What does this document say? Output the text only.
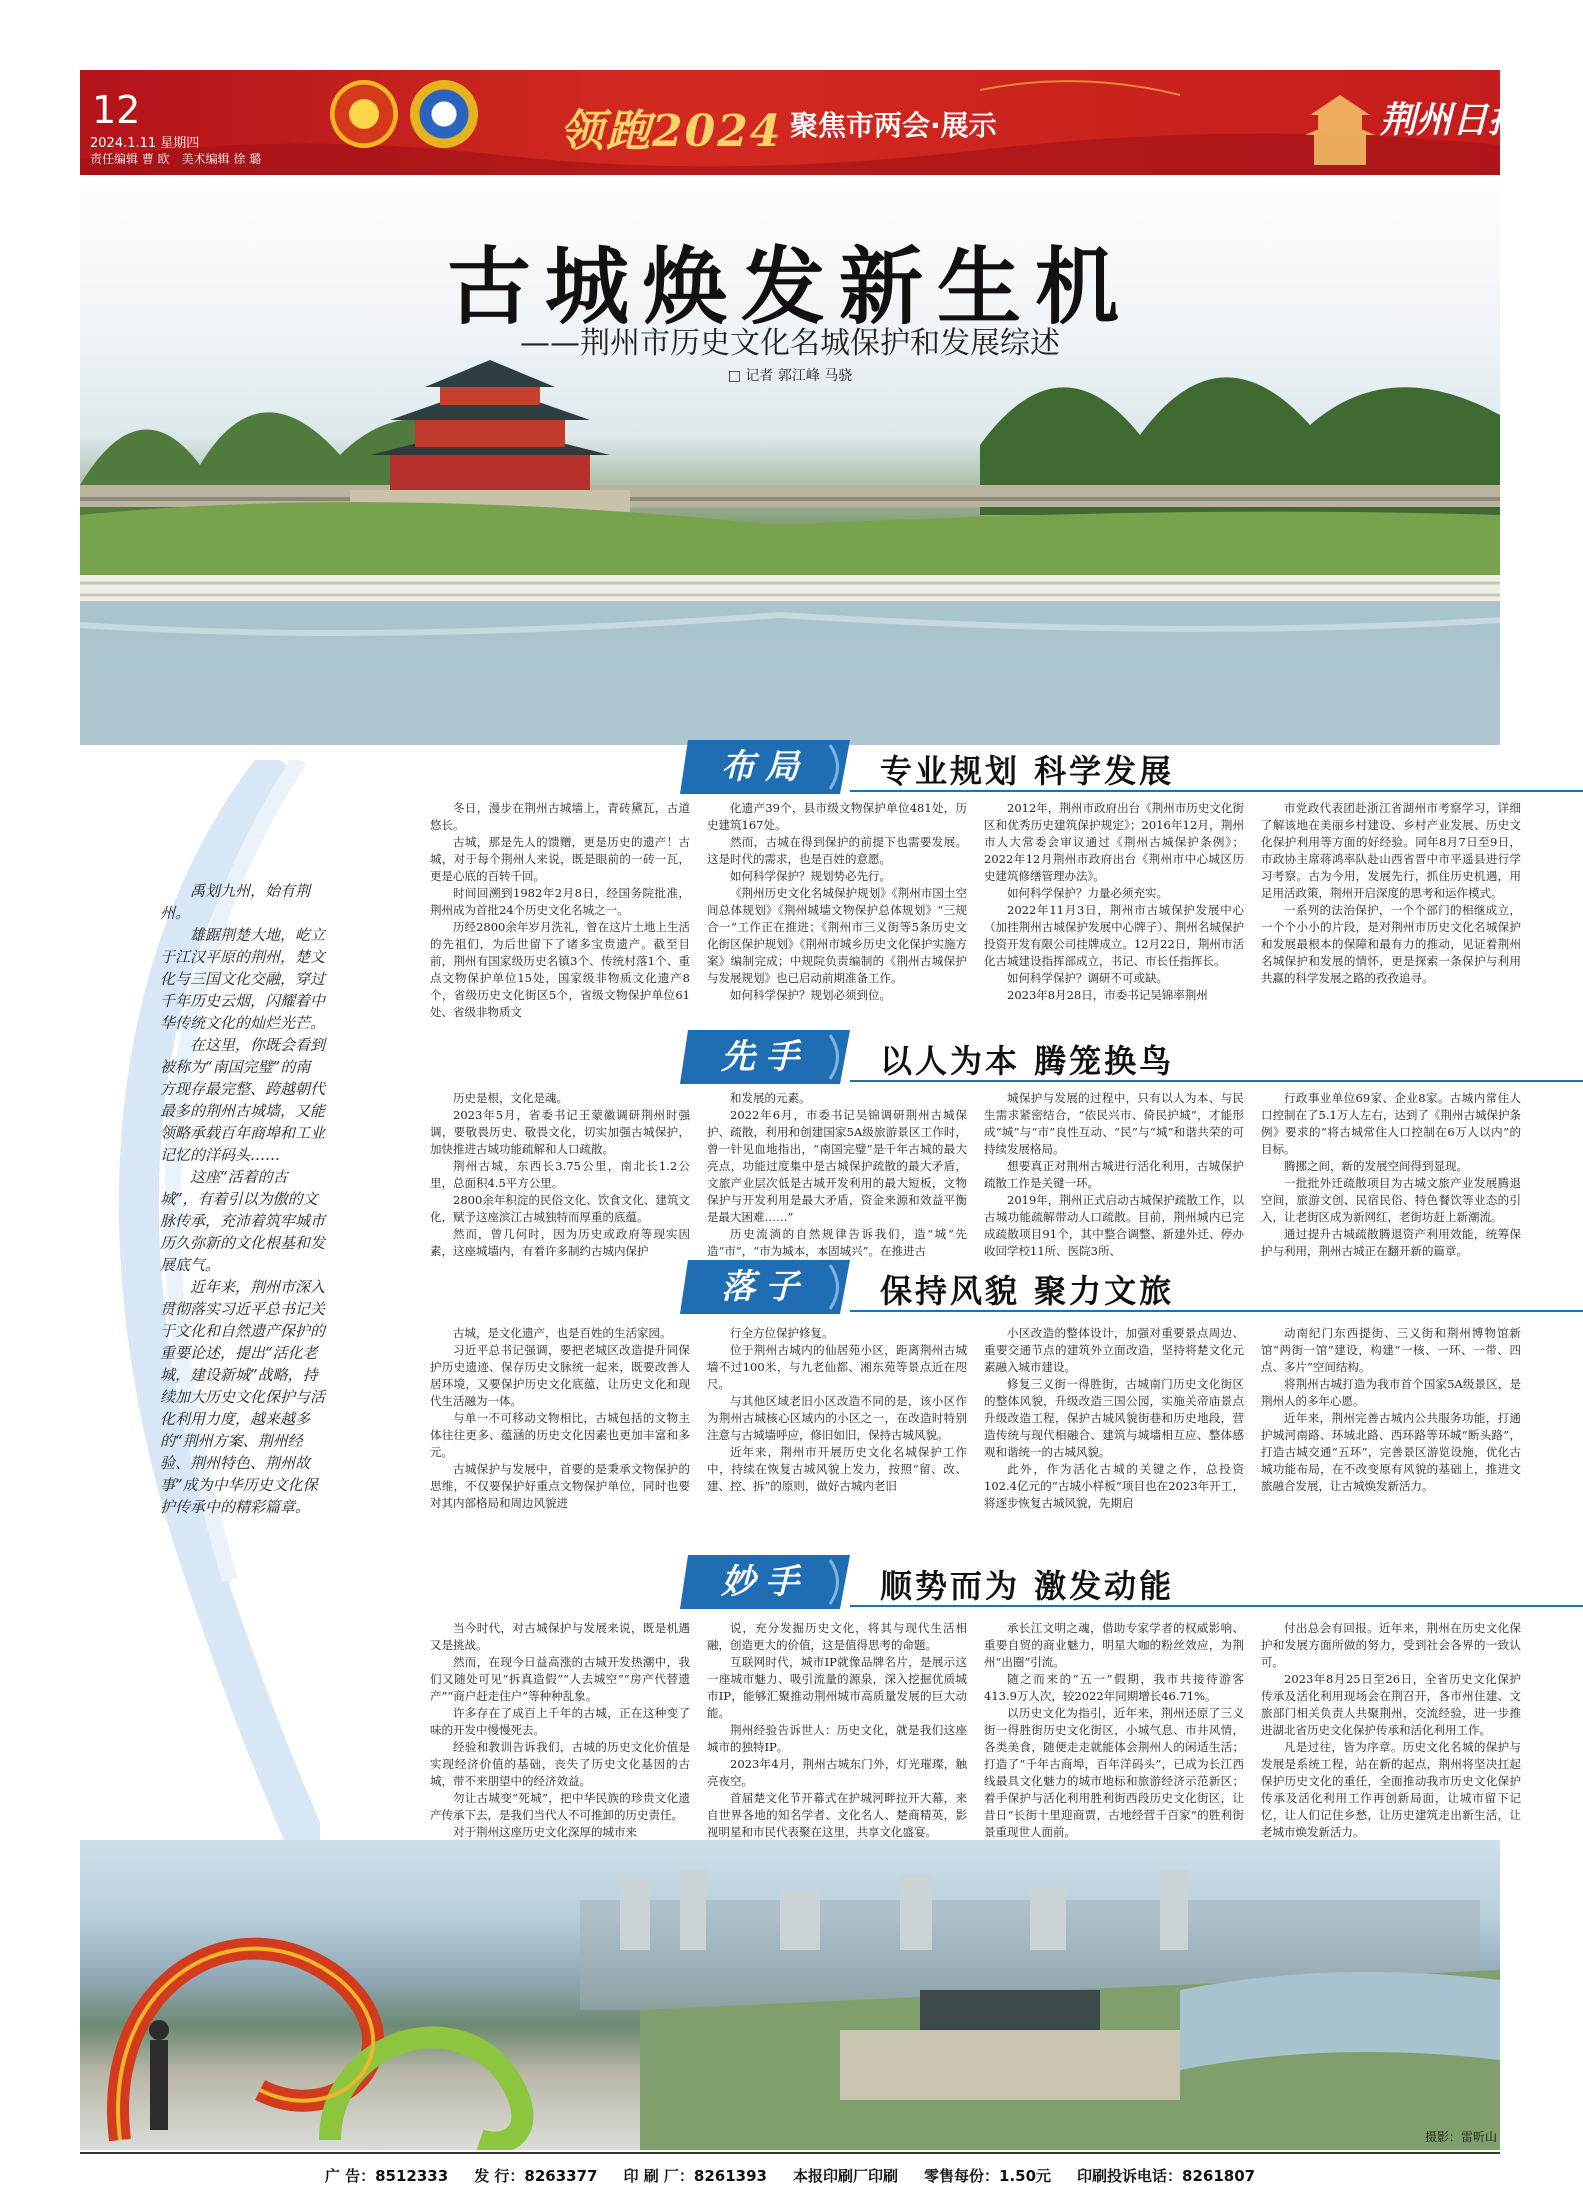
12
2024.1.11 星期四
责任编辑 曹 欧　美术编辑 徐 璐
领跑2024 聚焦市两会·展示	荆州日报
古城焕发新生机
——荆州市历史文化名城保护和发展综述
□ 记者 郭江峰 马骁

禹划九州，始有荆州。

雄踞荆楚大地，屹立于江汉平原的荆州，楚文化与三国文化交融，穿过千年历史云烟，闪耀着中华传统文化的灿烂光芒。

在这里，你既会看到被称为“南国完璧”的南方现存最完整、跨越朝代最多的荆州古城墙，又能领略承载百年商埠和工业记忆的洋码头……

这座“活着的古城”，有着引以为傲的文脉传承，充沛着筑牢城市历久弥新的文化根基和发展底气。

近年来，荆州市深入贯彻落实习近平总书记关于文化和自然遗产保护的重要论述，提出“活化老城，建设新城”战略，持续加大历史文化保护与活化利用力度，越来越多的“荆州方案、荆州经验、荆州特色、荆州故事”成为中华历史文化保护传承中的精彩篇章。

布局	专业规划 科学发展

冬日，漫步在荆州古城墙上，青砖黛瓦，古道悠长。

古城，那是先人的馈赠，更是历史的遗产！古城，对于每个荆州人来说，既是眼前的一砖一瓦，更是心底的百转千回。

时间回溯到1982年2月8日，经国务院批准，荆州成为首批24个历史文化名城之一。

历经2800余年岁月洗礼，曾在这片土地上生活的先祖们，为后世留下了诸多宝贵遗产。截至目前，荆州有国家级历史名镇3个、传统村落1个、重点文物保护单位15处，国家级非物质文化遗产8个，省级历史文化街区5个，省级文物保护单位61处、省级非物质文

化遗产39个，县市级文物保护单位481处，历史建筑167处。

然而，古城在得到保护的前提下也需要发展。这是时代的需求，也是百姓的意愿。

如何科学保护？规划势必先行。

《荆州历史文化名城保护规划》《荆州市国土空间总体规划》《荆州城墙文物保护总体规划》“三规合一”工作正在推进；《荆州市三义街等5条历史文化街区保护规划》《荆州市城乡历史文化保护实施方案》编制完成；中规院负责编制的《荆州古城保护与发展规划》也已启动前期准备工作。

如何科学保护？规划必须到位。

2012年，荆州市政府出台《荆州市历史文化街区和优秀历史建筑保护规定》；2016年12月，荆州市人大常委会审议通过《荆州古城保护条例》；2022年12月荆州市政府出台《荆州市中心城区历史建筑修缮管理办法》。

如何科学保护？力量必须充实。

2022年11月3日，荆州市古城保护发展中心（加挂荆州古城保护发展中心牌子）、荆州名城保护投资开发有限公司挂牌成立。12月22日，荆州市活化古城建设指挥部成立，书记、市长任指挥长。

如何科学保护？调研不可或缺。

2023年8月28日，市委书记吴锦率荆州

市党政代表团赴浙江省湖州市考察学习，详细了解该地在美丽乡村建设、乡村产业发展、历史文化保护利用等方面的好经验。同年8月7日至9日，市政协主席蒋鸿率队赴山西省晋中市平遥县进行学习考察。古为今用，发展先行，抓住历史机遇，用足用活政策，荆州开启深度的思考和运作模式。

一系列的法治保护，一个个部门的相继成立，一个个小小的片段，是对荆州市历史文化名城保护和发展最根本的保障和最有力的推动，见证着荆州名城保护和发展的情怀，更是探索一条保护与利用共赢的科学发展之路的孜孜追寻。

先手	以人为本 腾笼换鸟

历史是根，文化是魂。

2023年5月，省委书记王蒙徽调研荆州时强调，要敬畏历史、敬畏文化，切实加强古城保护，加快推进古城功能疏解和人口疏散。

荆州古城，东西长3.75公里，南北长1.2公里，总面积4.5平方公里。

2800余年积淀的民俗文化、饮食文化、建筑文化，赋予这座滨江古城独特而厚重的底蕴。

然而，曾几何时，因为历史或政府等现实因素，这座城墙内，有着许多制约古城内保护

和发展的元素。

2022年6月，市委书记吴锦调研荆州古城保护、疏散，利用和创建国家5A级旅游景区工作时，曾一针见血地指出，“南国完璧”是千年古城的最大亮点，功能过度集中是古城保护疏散的最大矛盾，文旅产业层次低是古城开发利用的最大短板，文物保护与开发利用是最大矛盾，资金来源和效益平衡是最大困难……”

历史流淌的自然规律告诉我们，造“城”先造“市”，“市为城本，本固城兴”。在推进古

城保护与发展的过程中，只有以人为本、与民生需求紧密结合，“依民兴市、倚民护城”，才能形成“城”与“市”良性互动、“民”与“城”和谐共荣的可持续发展格局。

想要真正对荆州古城进行活化利用，古城保护疏散工作是关键一环。

2019年，荆州正式启动古城保护疏散工作，以古城功能疏解带动人口疏散。目前，荆州城内已完成疏散项目91个，其中整合调整、新建外迁、停办收回学校11所、医院3所、

行政事业单位69家、企业8家。古城内常住人口控制在了5.1万人左右，达到了《荆州古城保护条例》要求的“将古城常住人口控制在6万人以内”的目标。

腾挪之间，新的发展空间得到显现。

一批批外迁疏散项目为古城文旅产业发展腾退空间，旅游文创、民宿民俗、特色餐饮等业态的引入，让老街区成为新网红，老街坊赶上新潮流。

通过提升古城疏散腾退资产利用效能，统筹保护与利用，荆州古城正在翻开新的篇章。

落子	保持风貌 聚力文旅

古城，是文化遗产，也是百姓的生活家园。

习近平总书记强调，要把老城区改造提升同保护历史遗迹、保存历史文脉统一起来，既要改善人居环境，又要保护历史文化底蕴，让历史文化和现代生活融为一体。

与单一不可移动文物相比，古城包括的文物主体往往更多、蕴涵的历史文化因素也更加丰富和多元。

古城保护与发展中，首要的是秉承文物保护的思维，不仅要保护好重点文物保护单位，同时也要对其内部格局和周边风貌进

行全方位保护修复。

位于荆州古城内的仙居苑小区，距离荆州古城墙不过100米，与九老仙都、湘东苑等景点近在咫尺。

与其他区域老旧小区改造不同的是，该小区作为荆州古城核心区域内的小区之一，在改造时特别注意与古城墙呼应，修旧如旧，保持古城风貌。

近年来，荆州市开展历史文化名城保护工作中，持续在恢复古城风貌上发力，按照“留、改、建、控、拆”的原则，做好古城内老旧

小区改造的整体设计，加强对重要景点周边、重要交通节点的建筑外立面改造，坚持将楚文化元素融入城市建设。

修复三义街一得胜街，古城南门历史文化街区的整体风貌，升级改造三国公园，实施关帝庙景点升级改造工程，保护古城风貌街巷和历史地段，营造传统与现代相融合、建筑与城墙相互应、整体感观和谐统一的古城风貌。

此外，作为活化古城的关键之作，总投资102.4亿元的“古城小样板”项目也在2023年开工，将逐步恢复古城风貌，先期启

动南纪门东西提街、三义街和荆州博物馆新馆“两街一馆”建设，构建“一核、一环、一带、四点、多片”空间结构。

将荆州古城打造为我市首个国家5A级景区，是荆州人的多年心愿。

近年来，荆州完善古城内公共服务功能，打通护城河南路、环城北路、西环路等环城“断头路”，打造古城交通“五环”，完善景区游览设施，优化古城功能布局，在不改变原有风貌的基础上，推进文旅融合发展，让古城焕发新活力。

妙手	顺势而为 激发动能

当今时代，对古城保护与发展来说，既是机遇又是挑战。

然而，在现今日益高涨的古城开发热潮中，我们又随处可见“拆真造假”“人去城空”“房产代替遗产”“商户赶走住户”等种种乱象。

许多存在了成百上千年的古城，正在这种变了味的开发中慢慢死去。

经验和教训告诉我们，古城的历史文化价值是实现经济价值的基础，丧失了历史文化基因的古城，带不来朋望中的经济效益。

勿让古城变“死城”，把中华民族的珍贵文化遗产传承下去，是我们当代人不可推卸的历史责任。

对于荆州这座历史文化深厚的城市来

说，充分发掘历史文化，将其与现代生活相融，创造更大的价值，这是值得思考的命题。

互联网时代，城市IP就像品牌名片，是展示这一座城市魅力、吸引流量的源泉，深入挖掘优质城市IP，能够汇聚推动荆州城市高质量发展的巨大动能。

荆州经验告诉世人：历史文化，就是我们这座城市的独特IP。

2023年4月，荆州古城东门外，灯光璀璨，触亮夜空。

首届楚文化节开幕式在护城河畔拉开大幕，来自世界各地的知名学者、文化名人、楚商精英，影视明星和市民代表聚在这里，共享文化盛宴。

承长江文明之魂，借助专家学者的权威影响、重要自贸的商业魅力，明星大咖的粉丝效应，为荆州“出圈”引流。

随之而来的“五一”假期，我市共接待游客413.9万人次，较2022年同期增长46.71%。

以历史文化为指引，近年来，荆州还原了三义街一得胜街历史文化街区，小城气息、市井风情，各类美食，随便走走就能体会荆州人的闲适生活；打造了“千年古商埠，百年洋码头”，已成为长江西线最具文化魅力的城市地标和旅游经济示范新区；着手保护与活化利用胜利街西段历史文化街区，让昔日“长街十里迎商贾，古地经营千百家”的胜利街景重现世人面前。

付出总会有回报。近年来，荆州在历史文化保护和发展方面所做的努力，受到社会各界的一致认可。

2023年8月25日至26日，全省历史文化保护传承及活化利用现场会在荆召开，各市州住建、文旅部门相关负责人共聚荆州，交流经验，进一步推进湖北省历史文化保护传承和活化利用工作。

凡是过往，皆为序章。历史文化名城的保护与发展是系统工程，站在新的起点，荆州将坚决扛起保护历史文化的重任，全面推动我市历史文化保护传承及活化利用工作再创新局面，让城市留下记忆，让人们记住乡愁，让历史建筑走出新生活，让老城市焕发新活力。

摄影：雷昕山
广 告：8512333 发 行：8263377 印 刷 厂：8261393 本报印刷厂印刷 零售每份：1.50元 印刷投诉电话：8261807
